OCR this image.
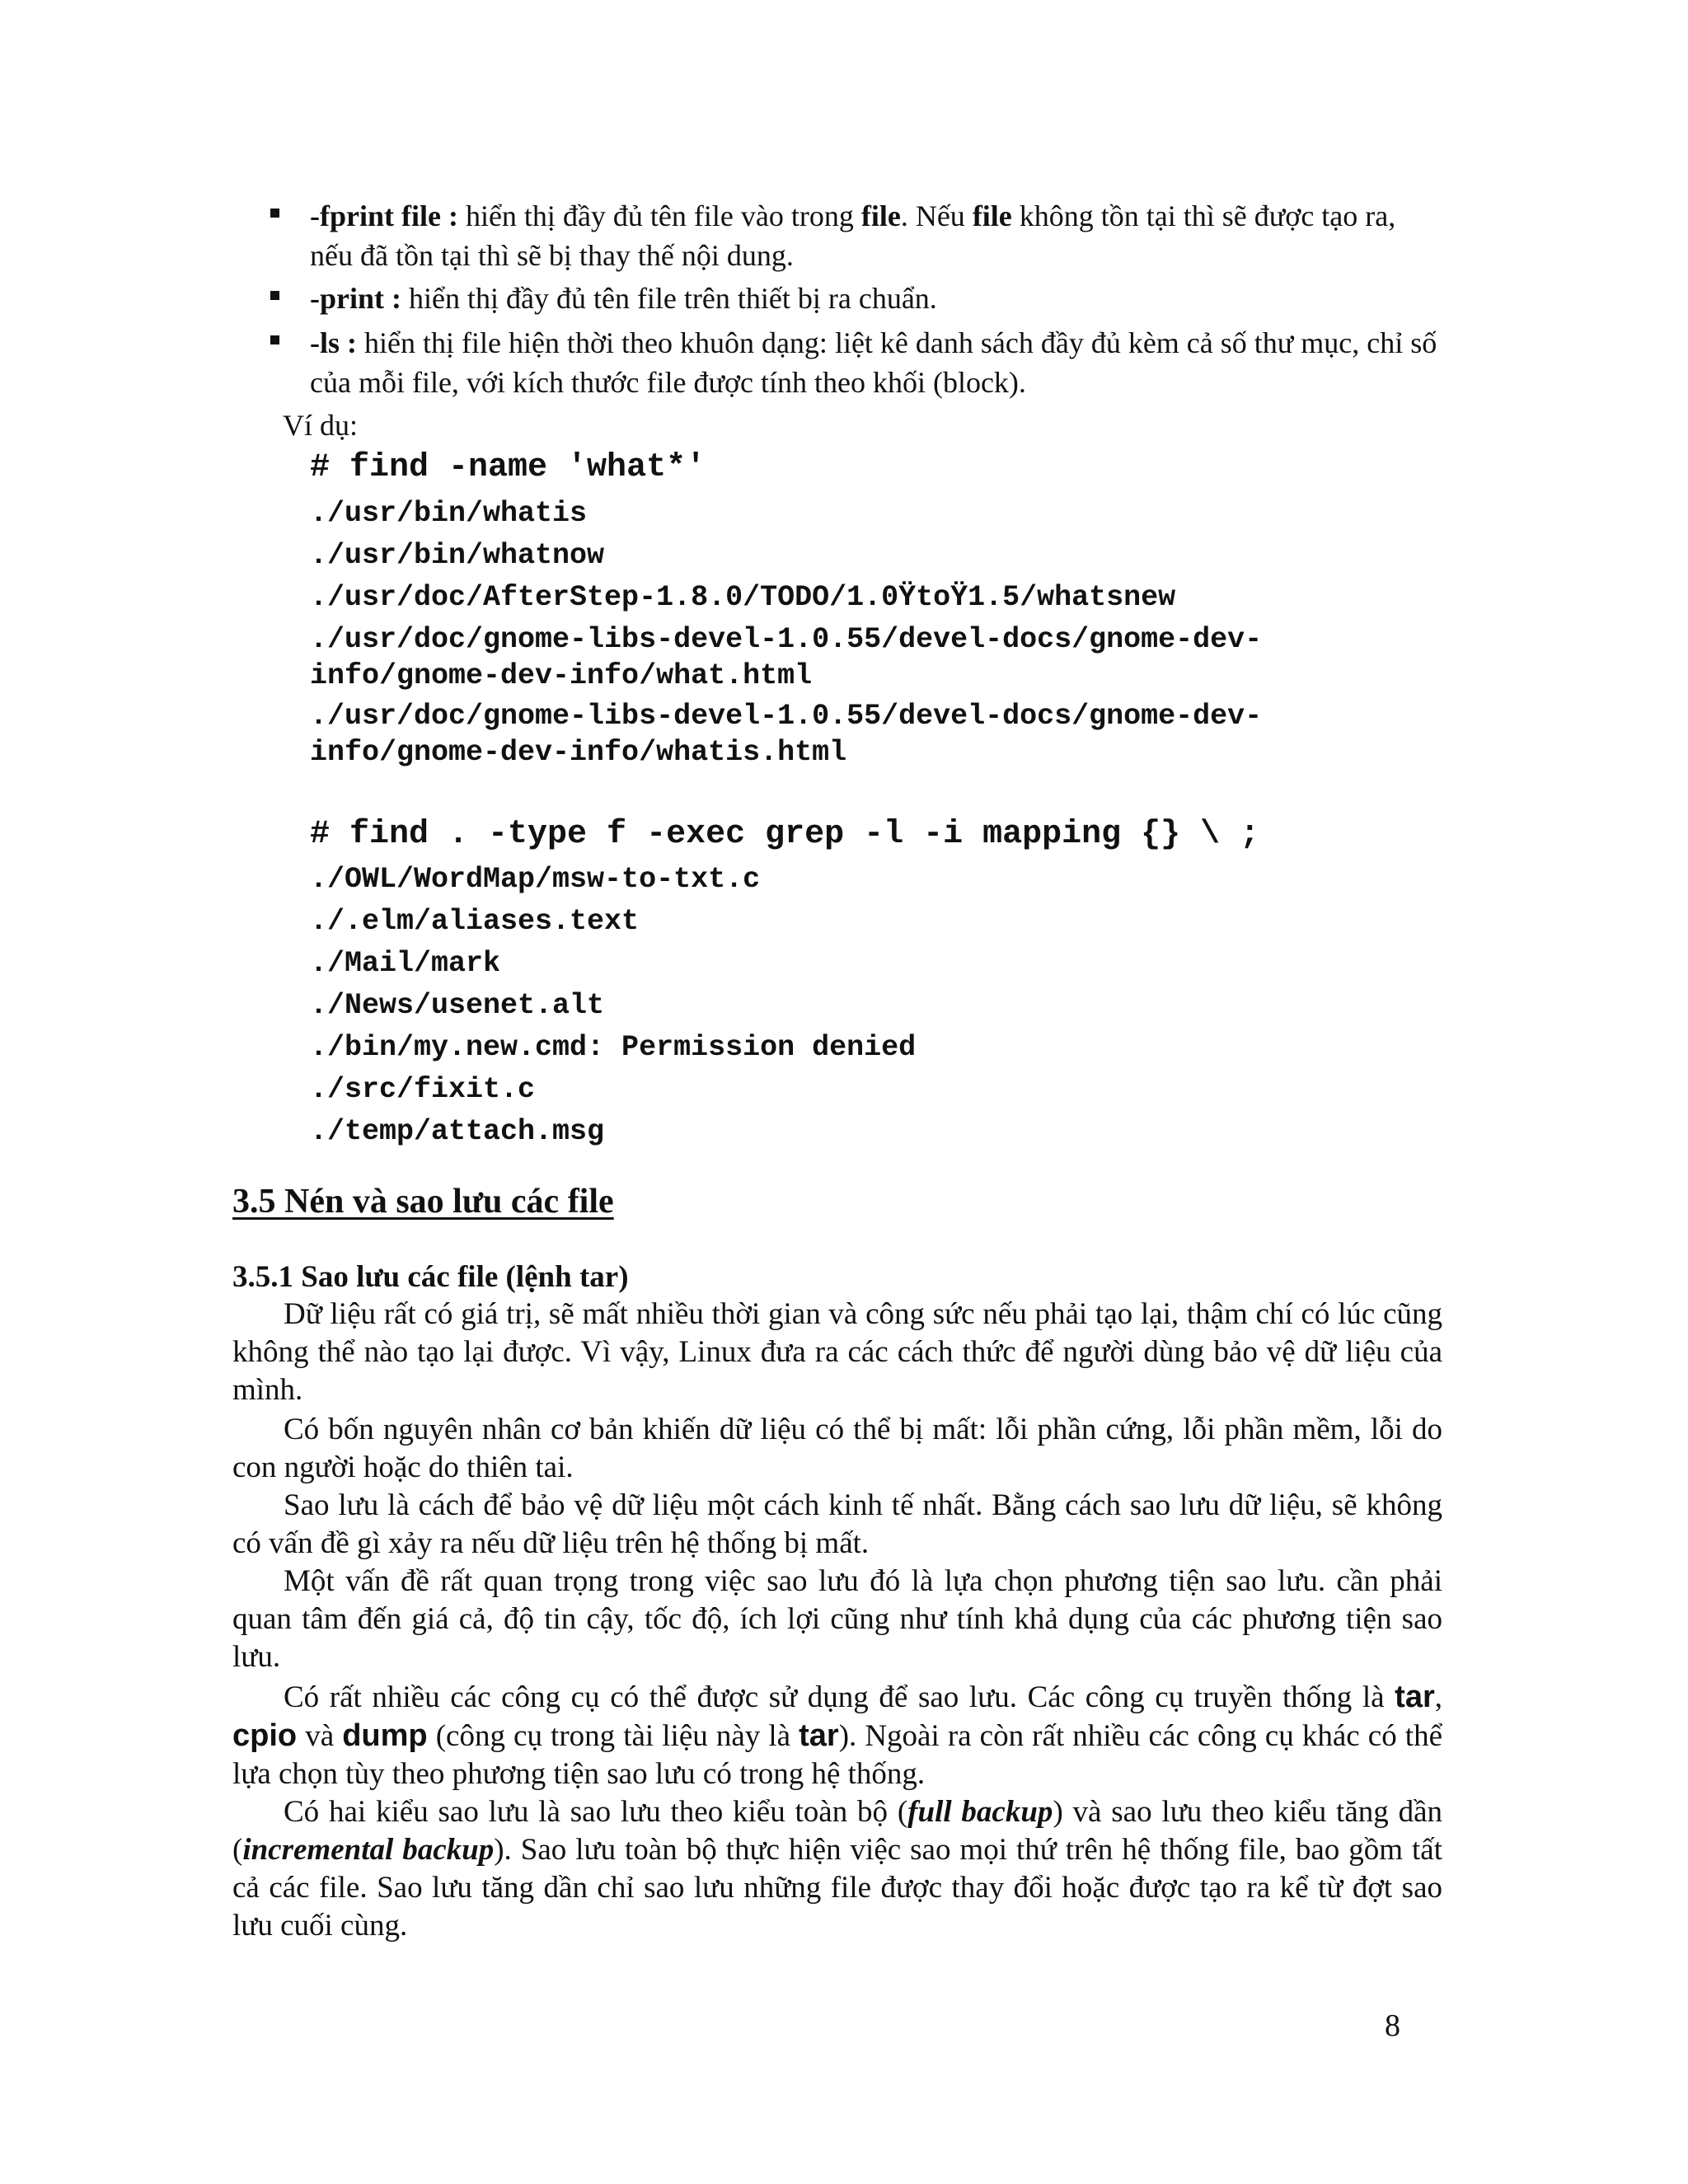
-fprint file : hiển thị đầy đủ tên file vào trong file. Nếu file không tồn tại thì sẽ được tạo ra, nếu đã tồn tại thì sẽ bị thay thế nội dung.
-print : hiển thị đầy đủ tên file trên thiết bị ra chuẩn.
-ls : hiển thị file hiện thời theo khuôn dạng: liệt kê danh sách đầy đủ kèm cả số thư mục, chỉ số của mỗi file, với kích thước file được tính theo khối (block).
Ví dụ:
# find -name 'what*'
./usr/bin/whatis
./usr/bin/whatnow
./usr/doc/AfterStep-1.8.0/TODO/1.0ŸtoŸ1.5/whatsnew
./usr/doc/gnome-libs-devel-1.0.55/devel-docs/gnome-dev-
info/gnome-dev-info/what.html
./usr/doc/gnome-libs-devel-1.0.55/devel-docs/gnome-dev-
info/gnome-dev-info/whatis.html
# find . -type f -exec grep -l -i mapping {} \ ;
./OWL/WordMap/msw-to-txt.c
./.elm/aliases.text
./Mail/mark
./News/usenet.alt
./bin/my.new.cmd: Permission denied
./src/fixit.c
./temp/attach.msg
3.5 Nén và sao lưu các file
3.5.1 Sao lưu các file (lệnh tar)
Dữ liệu rất có giá trị, sẽ mất nhiều thời gian và công sức nếu phải tạo lại, thậm chí có lúc cũng không thể nào tạo lại được. Vì vậy, Linux đưa ra các cách thức để người dùng bảo vệ dữ liệu của mình.
Có bốn nguyên nhân cơ bản khiến dữ liệu có thể bị mất: lỗi phần cứng, lỗi phần mềm, lỗi do con người hoặc do thiên tai.
Sao lưu là cách để bảo vệ dữ liệu một cách kinh tế nhất. Bằng cách sao lưu dữ liệu, sẽ không có vấn đề gì xảy ra nếu dữ liệu trên hệ thống bị mất.
Một vấn đề rất quan trọng trong việc sao lưu đó là lựa chọn phương tiện sao lưu. cần phải quan tâm đến giá cả, độ tin cậy, tốc độ, ích lợi cũng như tính khả dụng của các phương tiện sao lưu.
Có rất nhiều các công cụ có thể được sử dụng để sao lưu. Các công cụ truyền thống là tar, cpio và dump (công cụ trong tài liệu này là tar). Ngoài ra còn rất nhiều các công cụ khác có thể lựa chọn tùy theo phương tiện sao lưu có trong hệ thống.
Có hai kiểu sao lưu là sao lưu theo kiểu toàn bộ (full backup) và sao lưu theo kiểu tăng dần (incremental backup). Sao lưu toàn bộ thực hiện việc sao mọi thứ trên hệ thống file, bao gồm tất cả các file. Sao lưu tăng dần chỉ sao lưu những file được thay đổi hoặc được tạo ra kể từ đợt sao lưu cuối cùng.
8
